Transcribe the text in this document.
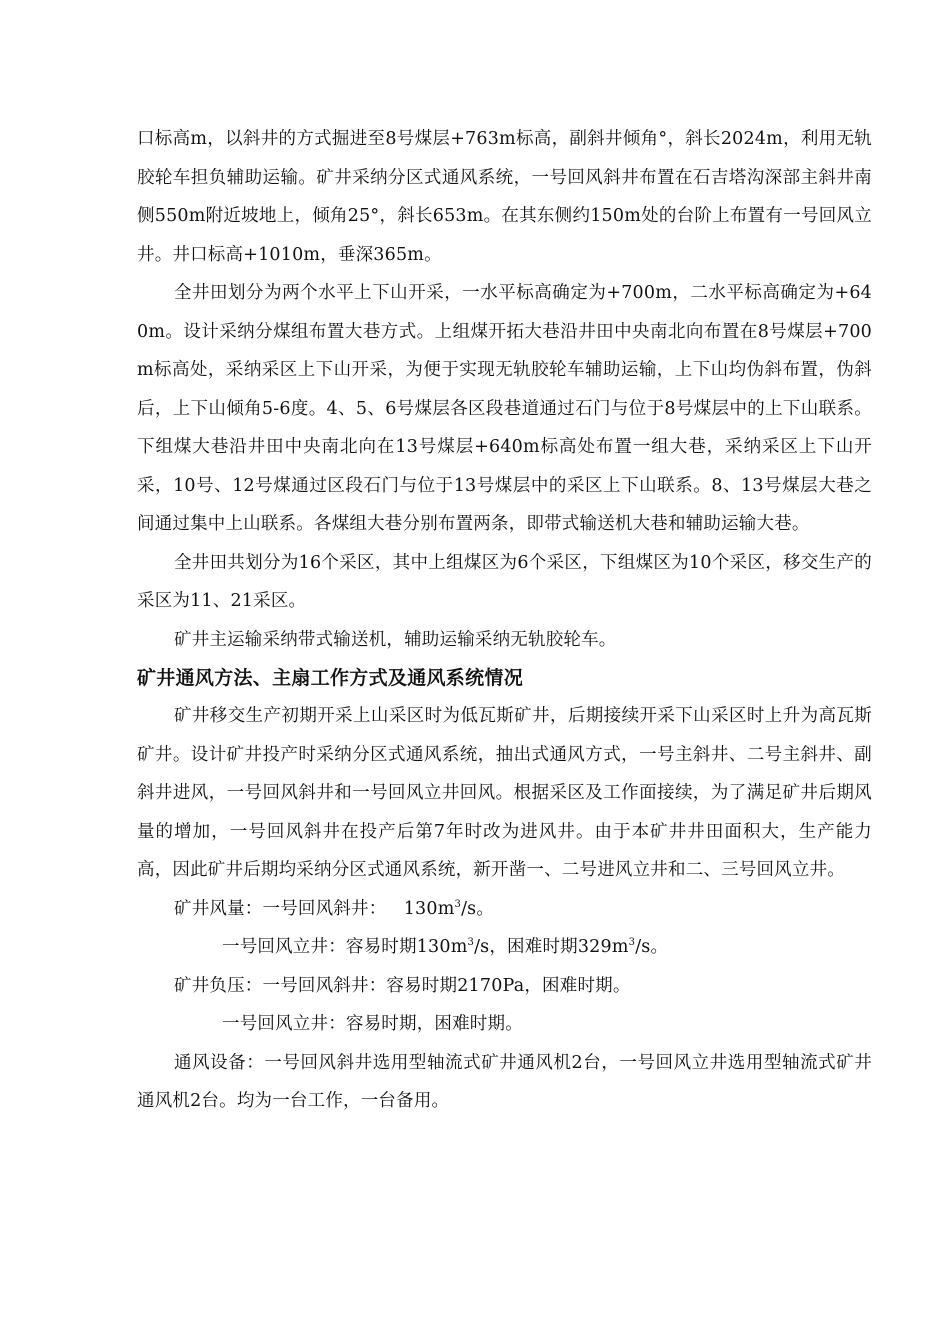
口标高m，以斜井的方式掘进至8号煤层+763m标高，副斜井倾角°，斜长2024m，利用无轨胶轮车担负辅助运输。矿井采纳分区式通风系统，一号回风斜井布置在石吉塔沟深部主斜井南侧550m附近坡地上，倾角25°，斜长653m。在其东侧约150m处的台阶上布置有一号回风立井。井口标高+1010m，垂深365m。

全井田划分为两个水平上下山开采，一水平标高确定为+700m，二水平标高确定为+640m。设计采纳分煤组布置大巷方式。上组煤开拓大巷沿井田中央南北向布置在8号煤层+700m标高处，采纳采区上下山开采，为便于实现无轨胶轮车辅助运输，上下山均伪斜布置，伪斜后，上下山倾角5-6度。4、5、6号煤层各区段巷道通过石门与位于8号煤层中的上下山联系。下组煤大巷沿井田中央南北向在13号煤层+640m标高处布置一组大巷，采纳采区上下山开采，10号、12号煤通过区段石门与位于13号煤层中的采区上下山联系。8、13号煤层大巷之间通过集中上山联系。各煤组大巷分别布置两条，即带式输送机大巷和辅助运输大巷。

全井田共划分为16个采区，其中上组煤区为6个采区，下组煤区为10个采区，移交生产的采区为11、21采区。

矿井主运输采纳带式输送机，辅助运输采纳无轨胶轮车。

矿井通风方法、主扇工作方式及通风系统情况

矿井移交生产初期开采上山采区时为低瓦斯矿井，后期接续开采下山采区时上升为高瓦斯矿井。设计矿井投产时采纳分区式通风系统，抽出式通风方式，一号主斜井、二号主斜井、副斜井进风，一号回风斜井和一号回风立井回风。根据采区及工作面接续，为了满足矿井后期风量的增加，一号回风斜井在投产后第7年时改为进风井。由于本矿井井田面积大，生产能力高，因此矿井后期均采纳分区式通风系统，新开凿一、二号进风立井和二、三号回风立井。

矿井风量：一号回风斜井： $130m^3/s$。

一号回风立井：容易时期$130m^3/s$，困难时期$329m^3/s$。

矿井负压：一号回风斜井：容易时期2170Pa，困难时期。

一号回风立井：容易时期，困难时期。

通风设备：一号回风斜井选用型轴流式矿井通风机2台，一号回风立井选用型轴流式矿井通风机2台。均为一台工作，一台备用。
